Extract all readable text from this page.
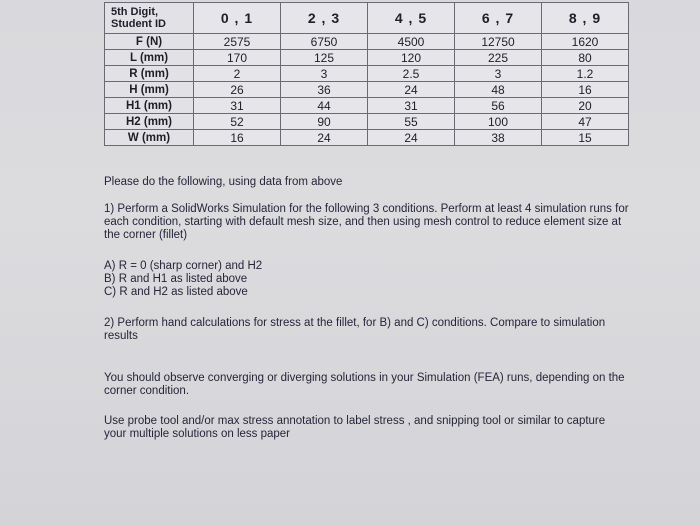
5th Digit,
Student ID	0 , 1	2 , 3	4 , 5	6 , 7	8 , 9
F (N)	2575	6750	4500	12750	1620
L (mm)	170	125	120	225	80
R (mm)	2	3	2.5	3	1.2
H (mm)	26	36	24	48	16
H1 (mm)	31	44	31	56	20
H2 (mm)	52	90	55	100	47
W (mm)	16	24	24	38	15

Please do the following, using data from above

1) Perform a SolidWorks Simulation for the following 3 conditions. Perform at least 4 simulation runs for each condition, starting with default mesh size, and then using mesh control to reduce element size at the corner (fillet)

A) R = 0 (sharp corner) and H2

B) R and H1 as listed above

C) R and H2 as listed above

2) Perform hand calculations for stress at the fillet, for B) and C) conditions. Compare to simulation results

You should observe converging or diverging solutions in your Simulation (FEA) runs, depending on the corner condition.

Use probe tool and/or max stress annotation to label stress , and snipping tool or similar to capture your multiple solutions on less paper
